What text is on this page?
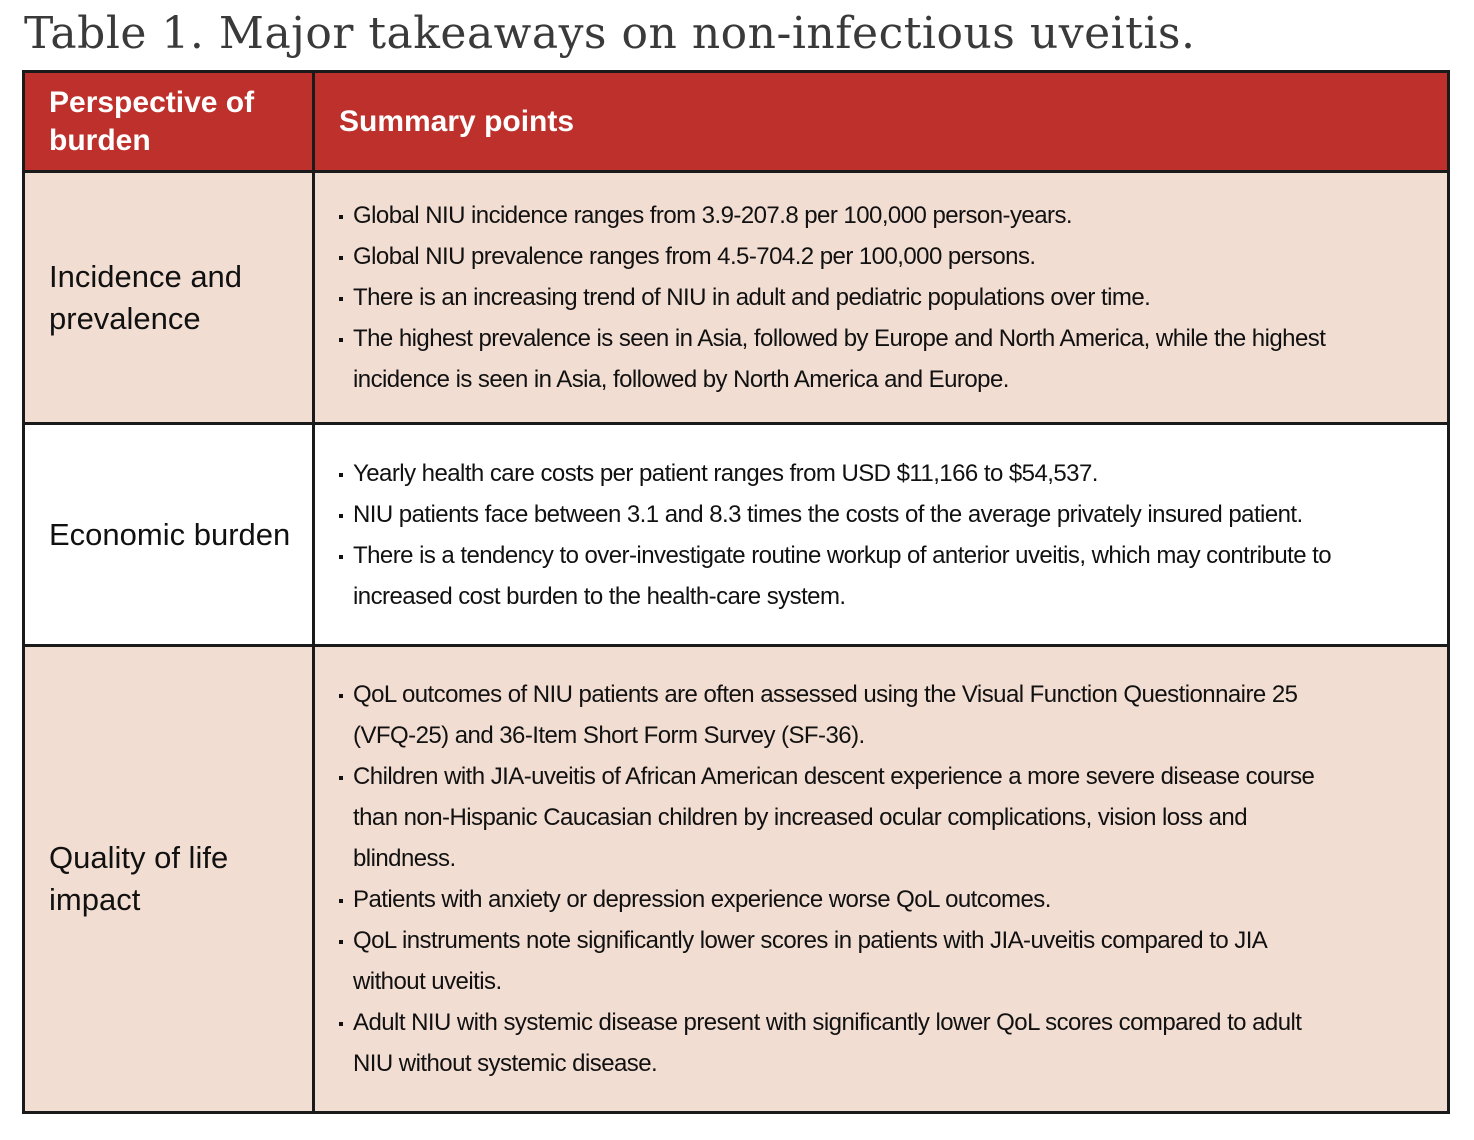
Table 1. Major takeaways on non-infectious uveitis.
Perspective of
burden
Summary points
Incidence and
prevalence
Global NIU incidence ranges from 3.9-207.8 per 100,000 person-years.
Global NIU prevalence ranges from 4.5-704.2 per 100,000 persons.
There is an increasing trend of NIU in adult and pediatric populations over time.
The highest prevalence is seen in Asia, followed by Europe and North America, while the highest
incidence is seen in Asia, followed by North America and Europe.
Economic burden
Yearly health care costs per patient ranges from USD $11,166 to $54,537.
NIU patients face between 3.1 and 8.3 times the costs of the average privately insured patient.
There is a tendency to over-investigate routine workup of anterior uveitis, which may contribute to
increased cost burden to the health-care system.
Quality of life
impact
QoL outcomes of NIU patients are often assessed using the Visual Function Questionnaire 25
(VFQ-25) and 36-Item Short Form Survey (SF-36).
Children with JIA-uveitis of African American descent experience a more severe disease course
than non-Hispanic Caucasian children by increased ocular complications, vision loss and
blindness.
Patients with anxiety or depression experience worse QoL outcomes.
QoL instruments note significantly lower scores in patients with JIA-uveitis compared to JIA
without uveitis.
Adult NIU with systemic disease present with significantly lower QoL scores compared to adult
NIU without systemic disease.
